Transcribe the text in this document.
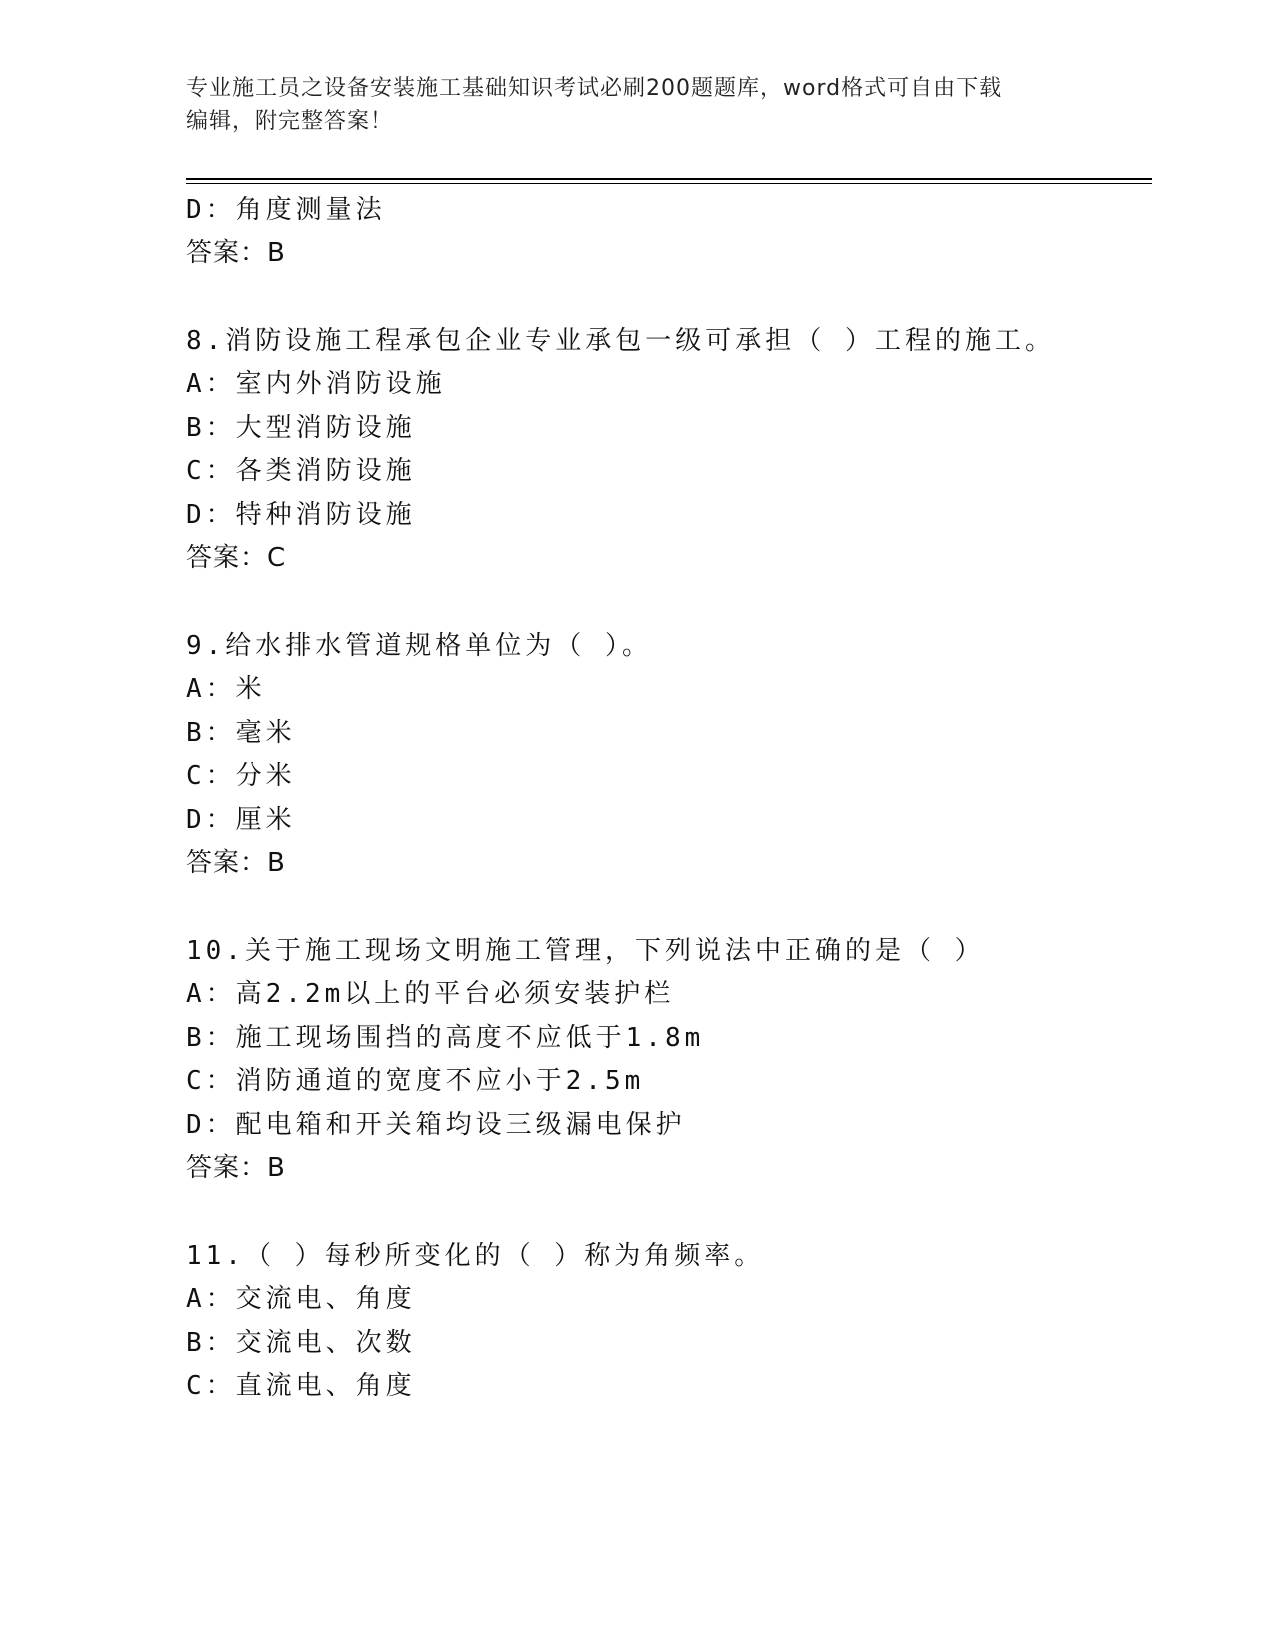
专业施工员之设备安装施工基础知识考试必刷200题题库，word格式可自由下载
编辑，附完整答案！
D：角度测量法
答案：B
8.消防设施工程承包企业专业承包一级可承担（ ）工程的施工。
A：室内外消防设施
B：大型消防设施
C：各类消防设施
D：特种消防设施
答案：C
9.给水排水管道规格单位为（ ）。
A：米
B：毫米
C：分米
D：厘米
答案：B
10.关于施工现场文明施工管理，下列说法中正确的是（ ）
A：高2.2m以上的平台必须安装护栏
B：施工现场围挡的高度不应低于1.8m
C：消防通道的宽度不应小于2.5m
D：配电箱和开关箱均设三级漏电保护
答案：B
11.（ ）每秒所变化的（ ）称为角频率。
A：交流电、角度
B：交流电、次数
C：直流电、角度
